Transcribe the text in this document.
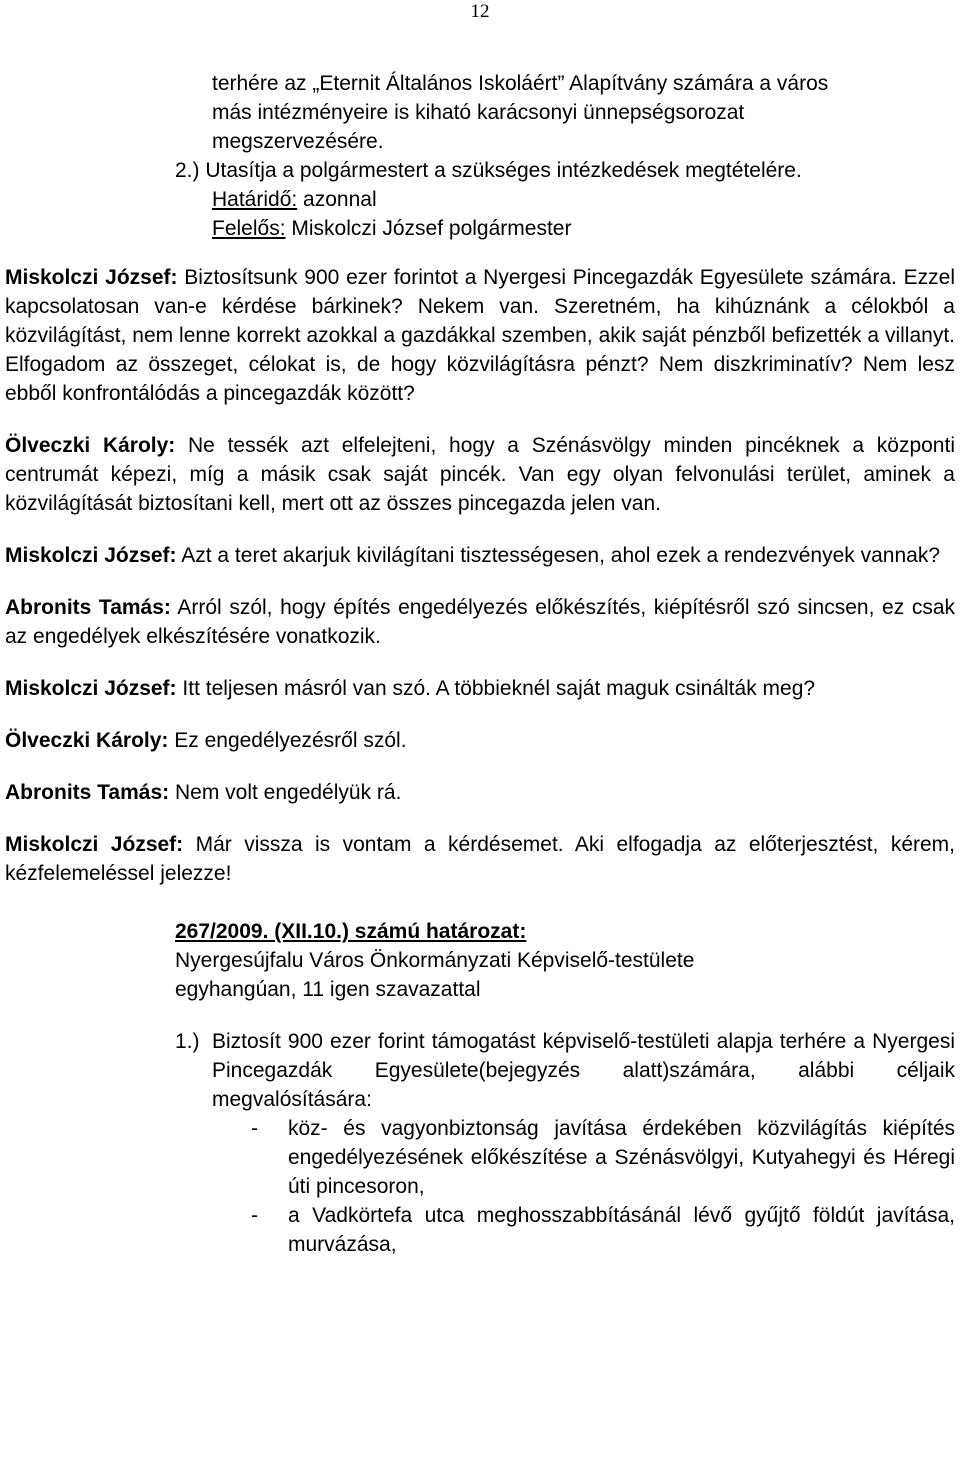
12
terhére az „Eternit Általános Iskoláért” Alapítvány számára a város
más intézményeire is kiható karácsonyi ünnepségsorozat
megszervezésére.
2.) Utasítja a polgármestert a szükséges intézkedések megtételére.
Határidő: azonnal
Felelős: Miskolczi József polgármester

Miskolczi József: Biztosítsunk 900 ezer forintot a Nyergesi Pincegazdák Egyesülete számára. Ezzel kapcsolatosan van-e kérdése bárkinek? Nekem van. Szeretném, ha kihúznánk a célokból a közvilágítást, nem lenne korrekt azokkal a gazdákkal szemben, akik saját pénzből befizették a villanyt. Elfogadom az összeget, célokat is, de hogy közvilágításra pénzt? Nem diszkriminatív? Nem lesz ebből konfrontálódás a pincegazdák között?

Ölveczki Károly: Ne tessék azt elfelejteni, hogy a Szénásvölgy minden pincéknek a központi centrumát képezi, míg a másik csak saját pincék. Van egy olyan felvonulási terület, aminek a közvilágítását biztosítani kell, mert ott az összes pincegazda jelen van.

Miskolczi József: Azt a teret akarjuk kivilágítani tisztességesen, ahol ezek a rendezvények vannak?

Abronits Tamás: Arról szól, hogy építés engedélyezés előkészítés, kiépítésről szó sincsen, ez csak az engedélyek elkészítésére vonatkozik.

Miskolczi József: Itt teljesen másról van szó. A többieknél saját maguk csinálták meg?

Ölveczki Károly: Ez engedélyezésről szól.

Abronits Tamás: Nem volt engedélyük rá.

Miskolczi József: Már vissza is vontam a kérdésemet. Aki elfogadja az előterjesztést, kérem, kézfelemeléssel jelezze!

267/2009. (XII.10.) számú határozat:
Nyergesújfalu Város Önkormányzati Képviselő-testülete
egyhangúan, 11 igen szavazattal
1.) Biztosít 900 ezer forint támogatást képviselő-testületi alapja terhére a Nyergesi Pincegazdák Egyesülete(bejegyzés alatt)számára, alábbi céljaik megvalósítására:
- köz- és vagyonbiztonság javítása érdekében közvilágítás kiépítés engedélyezésének előkészítése a Szénásvölgyi, Kutyahegyi és Héregi úti pincesoron,
- a Vadkörtefa utca meghosszabbításánál lévő gyűjtő földút javítása, murvázása,
